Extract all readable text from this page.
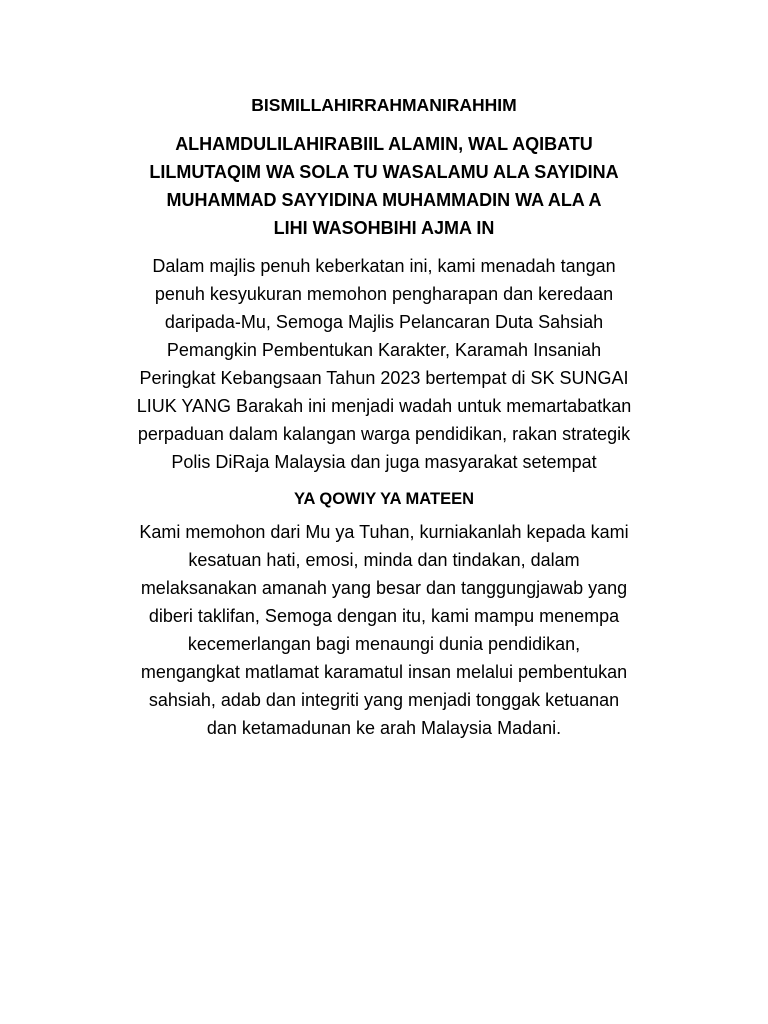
BISMILLAHIRRAHMANIRAHHIM
ALHAMDULILAHIRABIIL ALAMIN, WAL AQIBATU
LILMUTAQIM WA SOLA TU WASALAMU ALA SAYIDINA
MUHAMMAD SAYYIDINA MUHAMMADIN WA ALA A
LIHI WASOHBIHI AJMA IN
Dalam majlis penuh keberkatan ini, kami menadah tangan
penuh kesyukuran memohon pengharapan dan keredaan
daripada-Mu, Semoga Majlis Pelancaran Duta Sahsiah
Pemangkin Pembentukan Karakter, Karamah Insaniah
Peringkat Kebangsaan Tahun 2023 bertempat di SK SUNGAI
LIUK YANG Barakah ini menjadi wadah untuk memartabatkan
perpaduan dalam kalangan warga pendidikan, rakan strategik
Polis DiRaja Malaysia dan juga masyarakat setempat
YA QOWIY YA MATEEN
Kami memohon dari Mu ya Tuhan, kurniakanlah kepada kami
kesatuan hati, emosi, minda dan tindakan, dalam
melaksanakan amanah yang besar dan tanggungjawab yang
diberi taklifan, Semoga dengan itu, kami mampu menempa
kecemerlangan bagi menaungi dunia pendidikan,
mengangkat matlamat karamatul insan melalui pembentukan
sahsiah, adab dan integriti yang menjadi tonggak ketuanan
dan ketamadunan ke arah Malaysia Madani.
